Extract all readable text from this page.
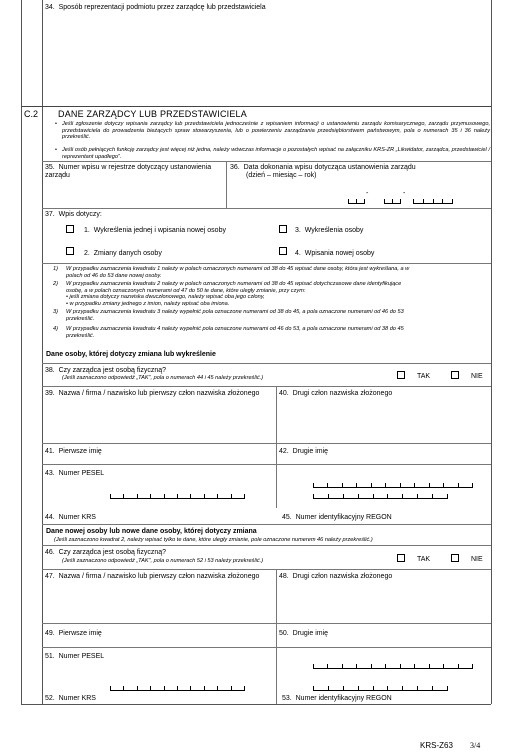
34. Sposób reprezentacji podmiotu przez zarządcę lub przedstawiciela
C.2 DANE ZARZĄDCY LUB PRZEDSTAWICIELA
• Jeśli zgłoszenie dotyczy wpisania zarządcy lub przedstawiciela jednocześnie z wpisaniem informacji o ustanowieniu zarządu komisarycznego, zarządu przymusowego, przedstawiciela do prowadzenia bieżących spraw stowarzyszenia, lub o powierzeniu zarządzania przedsiębiorstwem państwowym, pola o numerach 35 i 36 należy przekreślić.
• Jeśli osób pełniących funkcję zarządcy jest więcej niż jedna, należy wówczas informacje o pozostałych wpisać na załączniku KRS-ZR „Likwidator, zarządca, przedstawiciel / reprezentant upadłego”.
35. Numer wpisu w rejestrze dotyczący ustanowienia zarządu
36. Data dokonania wpisu dotycząca ustanowienia zarządu
(dzień – miesiąc – rok)
-	-
37. Wpis dotyczy:
1. Wykreślenia jednej i wpisania nowej osoby	3. Wykreślenia osoby
2. Zmiany danych osoby	4. Wpisania nowej osoby
1) W przypadku zaznaczenia kwadratu 1 należy w polach oznaczonych numerami od 38 do 45 wpisać dane osoby, która jest wykreślana, a w
polach od 46 do 53 dane nowej osoby.
2) W przypadku zaznaczenia kwadratu 2 należy w polach oznaczonych numerami od 38 do 45 wpisać dotychczasowe dane identyfikujące
osobę, a w polach oznaczonych numerami od 47 do 50 te dane, które uległy zmianie, przy czym:
• jeśli zmiana dotyczy nazwiska dwuczłonowego, należy wpisać oba jego człony,
• w przypadku zmiany jednego z imion, należy wpisać oba imiona.
3) W przypadku zaznaczenia kwadratu 3 należy wypełnić pola oznaczone numerami od 38 do 45, a pola oznaczone numerami od 46 do 53
przekreślić.
4) W przypadku zaznaczenia kwadratu 4 należy wypełnić pola oznaczone numerami od 46 do 53, a pola oznaczone numerami od 38 do 45
przekreślić.
Dane osoby, której dotyczy zmiana lub wykreślenie
38. Czy zarządca jest osobą fizyczną?
(Jeśli zaznaczono odpowiedź „TAK”, pola o numerach 44 i 45 należy przekreślić.)	TAK	NIE
39. Nazwa / firma / nazwisko lub pierwszy człon nazwiska złożonego	40. Drugi człon nazwiska złożonego
41. Pierwsze imię	42. Drugie imię
43. Numer PESEL
44. Numer KRS	45. Numer identyfikacyjny REGON
Dane nowej osoby lub nowe dane osoby, której dotyczy zmiana
(Jeśli zaznaczono kwadrat 2, należy wpisać tylko te dane, które uległy zmianie, pole oznaczone numerem 46 należy przekreślić.)
46. Czy zarządca jest osobą fizyczną?
(Jeśli zaznaczono odpowiedź „TAK”, pola o numerach 52 i 53 należy przekreślić.)	TAK	NIE
47. Nazwa / firma / nazwisko lub pierwszy człon nazwiska złożonego	48. Drugi człon nazwiska złożonego
49. Pierwsze imię	50. Drugie imię
51. Numer PESEL
52. Numer KRS	53. Numer identyfikacyjny REGON
KRS-Z63 3/4
